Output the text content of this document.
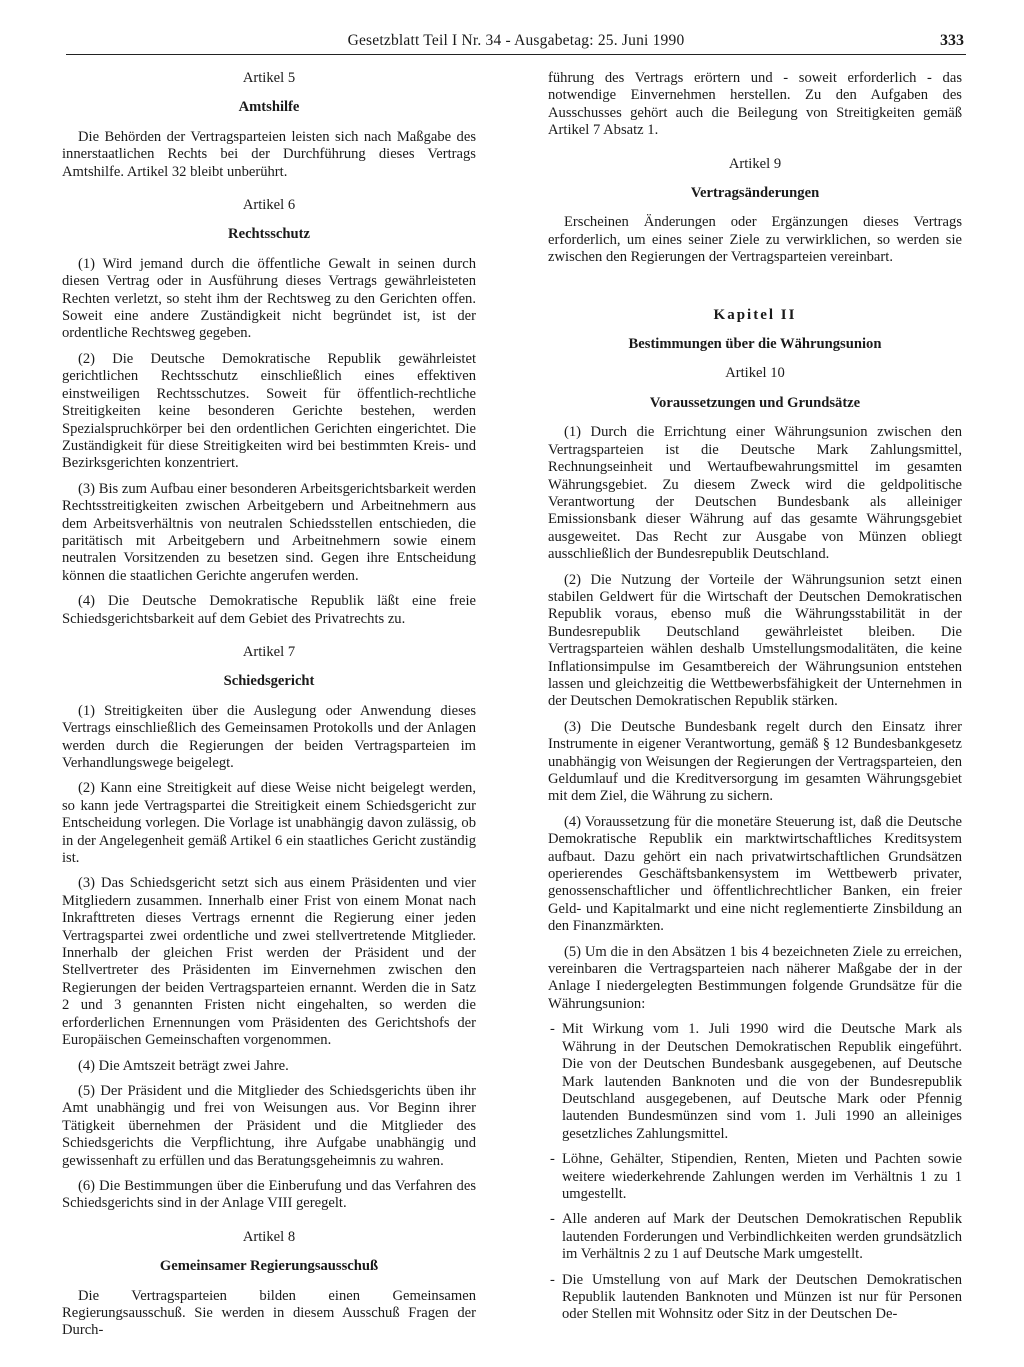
Gesetzblatt Teil I Nr. 34 - Ausgabetag: 25. Juni 1990	333
Artikel 5
Amtshilfe

Die Behörden der Vertragsparteien leisten sich nach Maßgabe des innerstaatlichen Rechts bei der Durchführung dieses Vertrags Amtshilfe. Artikel 32 bleibt unberührt.

Artikel 6
Rechtsschutz

(1) Wird jemand durch die öffentliche Gewalt in seinen durch diesen Vertrag oder in Ausführung dieses Vertrags gewährleisteten Rechten verletzt, so steht ihm der Rechtsweg zu den Gerichten offen. Soweit eine andere Zuständigkeit nicht begründet ist, ist der ordentliche Rechtsweg gegeben.

(2) Die Deutsche Demokratische Republik gewährleistet gerichtlichen Rechtsschutz einschließlich eines effektiven einstweiligen Rechtsschutzes. Soweit für öffentlich-rechtliche Streitigkeiten keine besonderen Gerichte bestehen, werden Spezialspruchkörper bei den ordentlichen Gerichten eingerichtet. Die Zuständigkeit für diese Streitigkeiten wird bei bestimmten Kreis- und Bezirksgerichten konzentriert.

(3) Bis zum Aufbau einer besonderen Arbeitsgerichtsbarkeit werden Rechtsstreitigkeiten zwischen Arbeitgebern und Arbeitnehmern aus dem Arbeitsverhältnis von neutralen Schiedsstellen entschieden, die paritätisch mit Arbeitgebern und Arbeitnehmern sowie einem neutralen Vorsitzenden zu besetzen sind. Gegen ihre Entscheidung können die staatlichen Gerichte angerufen werden.

(4) Die Deutsche Demokratische Republik läßt eine freie Schiedsgerichtsbarkeit auf dem Gebiet des Privatrechts zu.

Artikel 7
Schiedsgericht

(1) Streitigkeiten über die Auslegung oder Anwendung dieses Vertrags einschließlich des Gemeinsamen Protokolls und der Anlagen werden durch die Regierungen der beiden Vertragsparteien im Verhandlungswege beigelegt.

(2) Kann eine Streitigkeit auf diese Weise nicht beigelegt werden, so kann jede Vertragspartei die Streitigkeit einem Schiedsgericht zur Entscheidung vorlegen. Die Vorlage ist unabhängig davon zulässig, ob in der Angelegenheit gemäß Artikel 6 ein staatliches Gericht zuständig ist.

(3) Das Schiedsgericht setzt sich aus einem Präsidenten und vier Mitgliedern zusammen. Innerhalb einer Frist von einem Monat nach Inkrafttreten dieses Vertrags ernennt die Regierung einer jeden Vertragspartei zwei ordentliche und zwei stellvertretende Mitglieder. Innerhalb der gleichen Frist werden der Präsident und der Stellvertreter des Präsidenten im Einvernehmen zwischen den Regierungen der beiden Vertragsparteien ernannt. Werden die in Satz 2 und 3 genannten Fristen nicht eingehalten, so werden die erforderlichen Ernennungen vom Präsidenten des Gerichtshofs der Europäischen Gemeinschaften vorgenommen.

(4) Die Amtszeit beträgt zwei Jahre.

(5) Der Präsident und die Mitglieder des Schiedsgerichts üben ihr Amt unabhängig und frei von Weisungen aus. Vor Beginn ihrer Tätigkeit übernehmen der Präsident und die Mitglieder des Schiedsgerichts die Verpflichtung, ihre Aufgabe unabhängig und gewissenhaft zu erfüllen und das Beratungsgeheimnis zu wahren.

(6) Die Bestimmungen über die Einberufung und das Verfahren des Schiedsgerichts sind in der Anlage VIII geregelt.

Artikel 8
Gemeinsamer Regierungsausschuß

Die Vertragsparteien bilden einen Gemeinsamen Regierungsausschuß. Sie werden in diesem Ausschuß Fragen der Durch-

führung des Vertrags erörtern und - soweit erforderlich - das notwendige Einvernehmen herstellen. Zu den Aufgaben des Ausschusses gehört auch die Beilegung von Streitigkeiten gemäß Artikel 7 Absatz 1.

Artikel 9
Vertragsänderungen

Erscheinen Änderungen oder Ergänzungen dieses Vertrags erforderlich, um eines seiner Ziele zu verwirklichen, so werden sie zwischen den Regierungen der Vertragsparteien vereinbart.

Kapitel II
Bestimmungen über die Währungsunion
Artikel 10
Voraussetzungen und Grundsätze

(1) Durch die Errichtung einer Währungsunion zwischen den Vertragsparteien ist die Deutsche Mark Zahlungsmittel, Rechnungseinheit und Wertaufbewahrungsmittel im gesamten Währungsgebiet. Zu diesem Zweck wird die geldpolitische Verantwortung der Deutschen Bundesbank als alleiniger Emissionsbank dieser Währung auf das gesamte Währungsgebiet ausgeweitet. Das Recht zur Ausgabe von Münzen obliegt ausschließlich der Bundesrepublik Deutschland.

(2) Die Nutzung der Vorteile der Währungsunion setzt einen stabilen Geldwert für die Wirtschaft der Deutschen Demokratischen Republik voraus, ebenso muß die Währungsstabilität in der Bundesrepublik Deutschland gewährleistet bleiben. Die Vertragsparteien wählen deshalb Umstellungsmodalitäten, die keine Inflationsimpulse im Gesamtbereich der Währungsunion entstehen lassen und gleichzeitig die Wettbewerbsfähigkeit der Unternehmen in der Deutschen Demokratischen Republik stärken.

(3) Die Deutsche Bundesbank regelt durch den Einsatz ihrer Instrumente in eigener Verantwortung, gemäß § 12 Bundesbankgesetz unabhängig von Weisungen der Regierungen der Vertragsparteien, den Geldumlauf und die Kreditversorgung im gesamten Währungsgebiet mit dem Ziel, die Währung zu sichern.

(4) Voraussetzung für die monetäre Steuerung ist, daß die Deutsche Demokratische Republik ein marktwirtschaftliches Kreditsystem aufbaut. Dazu gehört ein nach privatwirtschaftlichen Grundsätzen operierendes Geschäftsbankensystem im Wettbewerb privater, genossenschaftlicher und öffentlichrechtlicher Banken, ein freier Geld- und Kapitalmarkt und eine nicht reglementierte Zinsbildung an den Finanzmärkten.

(5) Um die in den Absätzen 1 bis 4 bezeichneten Ziele zu erreichen, vereinbaren die Vertragsparteien nach näherer Maßgabe der in der Anlage I niedergelegten Bestimmungen folgende Grundsätze für die Währungsunion:

- Mit Wirkung vom 1. Juli 1990 wird die Deutsche Mark als Währung in der Deutschen Demokratischen Republik eingeführt. Die von der Deutschen Bundesbank ausgegebenen, auf Deutsche Mark lautenden Banknoten und die von der Bundesrepublik Deutschland ausgegebenen, auf Deutsche Mark oder Pfennig lautenden Bundesmünzen sind vom 1. Juli 1990 an alleiniges gesetzliches Zahlungsmittel.
- Löhne, Gehälter, Stipendien, Renten, Mieten und Pachten sowie weitere wiederkehrende Zahlungen werden im Verhältnis 1 zu 1 umgestellt.
- Alle anderen auf Mark der Deutschen Demokratischen Republik lautenden Forderungen und Verbindlichkeiten werden grundsätzlich im Verhältnis 2 zu 1 auf Deutsche Mark umgestellt.
- Die Umstellung von auf Mark der Deutschen Demokratischen Republik lautenden Banknoten und Münzen ist nur für Personen oder Stellen mit Wohnsitz oder Sitz in der Deutschen De-
